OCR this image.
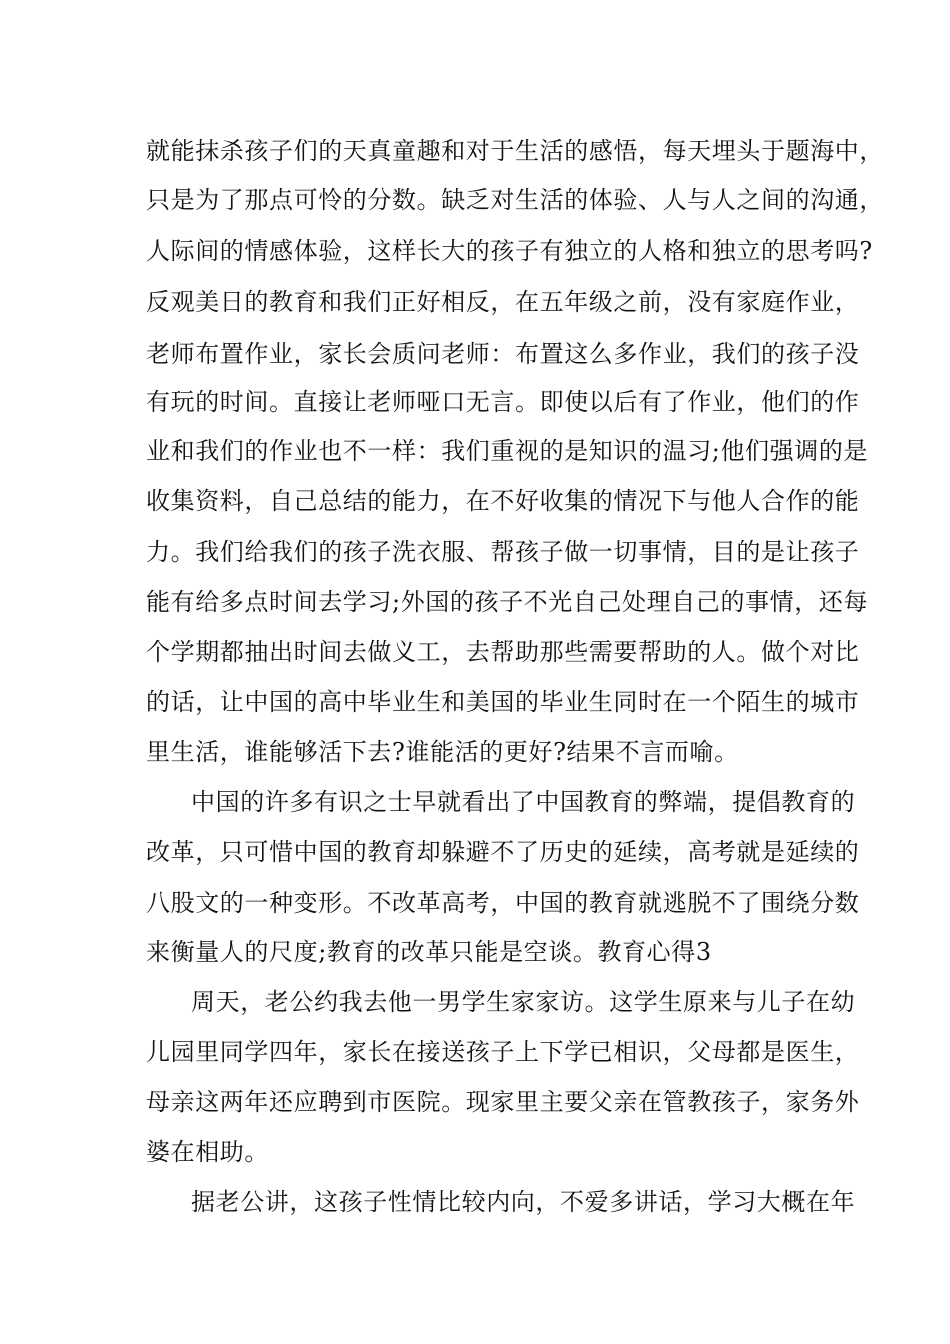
就能抹杀孩子们的天真童趣和对于生活的感悟，每天埋头于题海中，
只是为了那点可怜的分数。缺乏对生活的体验、人与人之间的沟通，
人际间的情感体验，这样长大的孩子有独立的人格和独立的思考吗?
反观美日的教育和我们正好相反，在五年级之前，没有家庭作业，
老师布置作业，家长会质问老师：布置这么多作业，我们的孩子没
有玩的时间。直接让老师哑口无言。即使以后有了作业，他们的作
业和我们的作业也不一样：我们重视的是知识的温习;他们强调的是
收集资料，自己总结的能力，在不好收集的情况下与他人合作的能
力。我们给我们的孩子洗衣服、帮孩子做一切事情，目的是让孩子
能有给多点时间去学习;外国的孩子不光自己处理自己的事情，还每
个学期都抽出时间去做义工，去帮助那些需要帮助的人。做个对比
的话，让中国的高中毕业生和美国的毕业生同时在一个陌生的城市
里生活，谁能够活下去?谁能活的更好?结果不言而喻。
中国的许多有识之士早就看出了中国教育的弊端，提倡教育的
改革，只可惜中国的教育却躲避不了历史的延续，高考就是延续的
八股文的一种变形。不改革高考，中国的教育就逃脱不了围绕分数
来衡量人的尺度;教育的改革只能是空谈。教育心得3
周天，老公约我去他一男学生家家访。这学生原来与儿子在幼
儿园里同学四年，家长在接送孩子上下学已相识，父母都是医生，
母亲这两年还应聘到市医院。现家里主要父亲在管教孩子，家务外
婆在相助。
据老公讲，这孩子性情比较内向，不爱多讲话，学习大概在年
